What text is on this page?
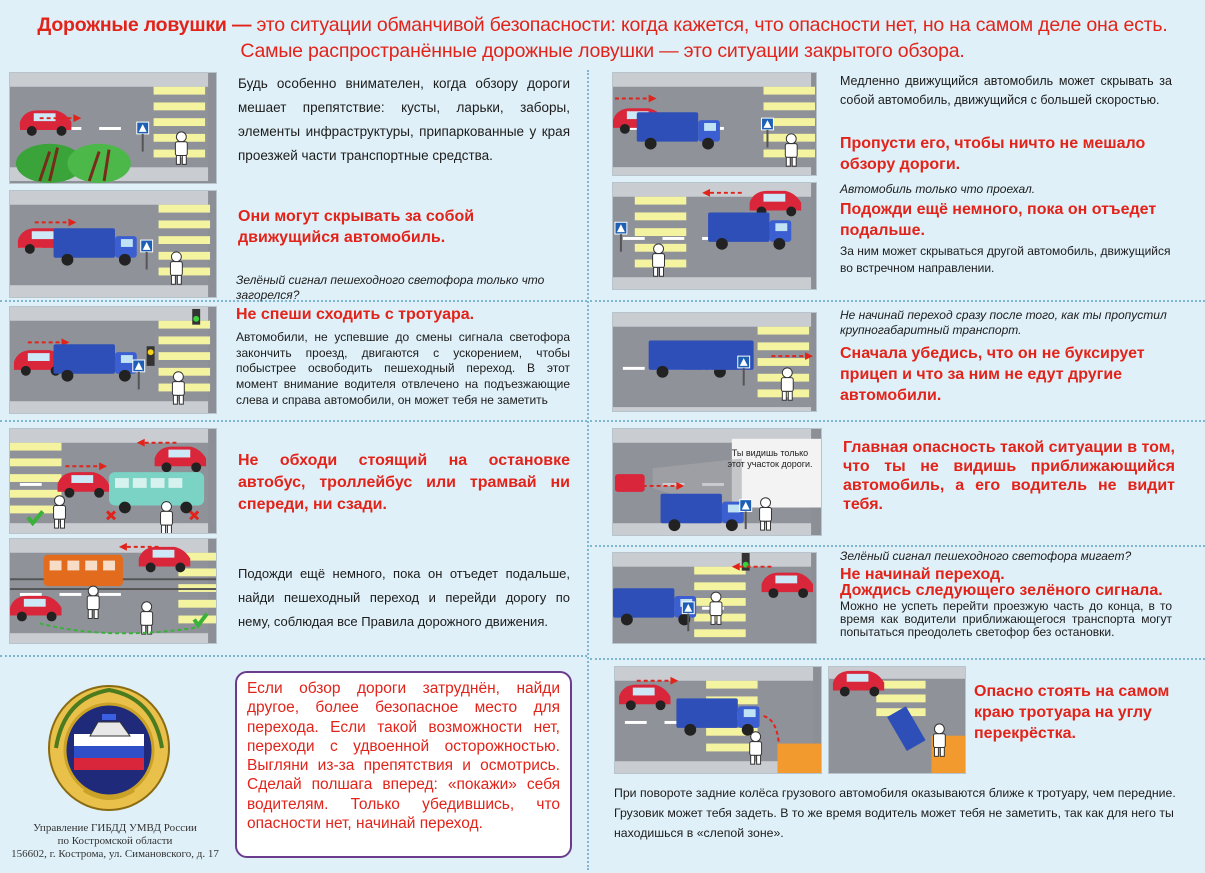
Дорожные ловушки — это ситуации обманчивой безопасности: когда кажется, что опасности нет, но на самом деле она есть.
Самые распространённые дорожные ловушки — это ситуации закрытого обзора.
Будь особенно внимателен, когда обзору дороги мешает препятствие: кусты, ларьки, заборы, элементы инфраструктуры, припаркованные у края проезжей части транспортные средства.
Они могут скрывать за собой движущийся автомобиль.
Зелёный сигнал пешеходного светофора только что загорелся?
Не спеши сходить с тротуара.
Автомобили, не успевшие до смены сигнала светофора закончить проезд, двигаются с ускорением, чтобы побыстрее освободить пешеходный переход. В этот момент внимание водителя отвлечено на подъезжающие слева и справа автомобили, он может тебя не заметить
Не обходи стоящий на остановке автобус, троллейбус или трамвай ни спереди, ни сзади.
Подожди ещё немного, пока он отъедет подальше, найди пешеходный переход и перейди дорогу по нему, соблюдая все Правила дорожного движения.
Управление ГИБДД УМВД России
по Костромской области
156602, г. Кострома, ул. Симановского, д. 17
Если обзор дороги затруднён, найди другое, более безопасное место для перехода. Если такой возможности нет, переходи с удвоенной осторожностью. Выгляни из-за препятствия и осмотрись. Сделай полшага вперед: «покажи» себя водителям. Только убедившись, что опасности нет, начинай переход.
Медленно движущийся автомобиль может скрывать за собой автомобиль, движущийся с большей скоростью.
Пропусти его, чтобы ничто не мешало обзору дороги.
Автомобиль только что проехал.
Подожди ещё немного, пока он отъедет подальше.
За ним может скрываться другой автомобиль, движущийся во встречном направлении.
Не начинай переход сразу после того, как ты пропустил крупногабаритный транспорт.
Сначала убедись, что он не буксирует прицеп и что за ним не едут другие автомобили.
Ты видишь только этот участок дороги.
Главная опасность такой ситуации в том, что ты не видишь приближающийся автомобиль, а его водитель не видит тебя.
Зелёный сигнал пешеходного светофора мигает?
Не начинай переход.
Дождись следующего зелёного сигнала.
Можно не успеть перейти проезжую часть до конца, в то время как водители приближающегося транспорта могут попытаться преодолеть светофор без остановки.
Опасно стоять на самом краю тротуара на углу перекрёстка.
При повороте задние колёса грузового автомобиля оказываются ближе к тротуару, чем передние. Грузовик может тебя задеть. В то же время водитель может тебя не заметить, так как для него ты находишься в «слепой зоне».
